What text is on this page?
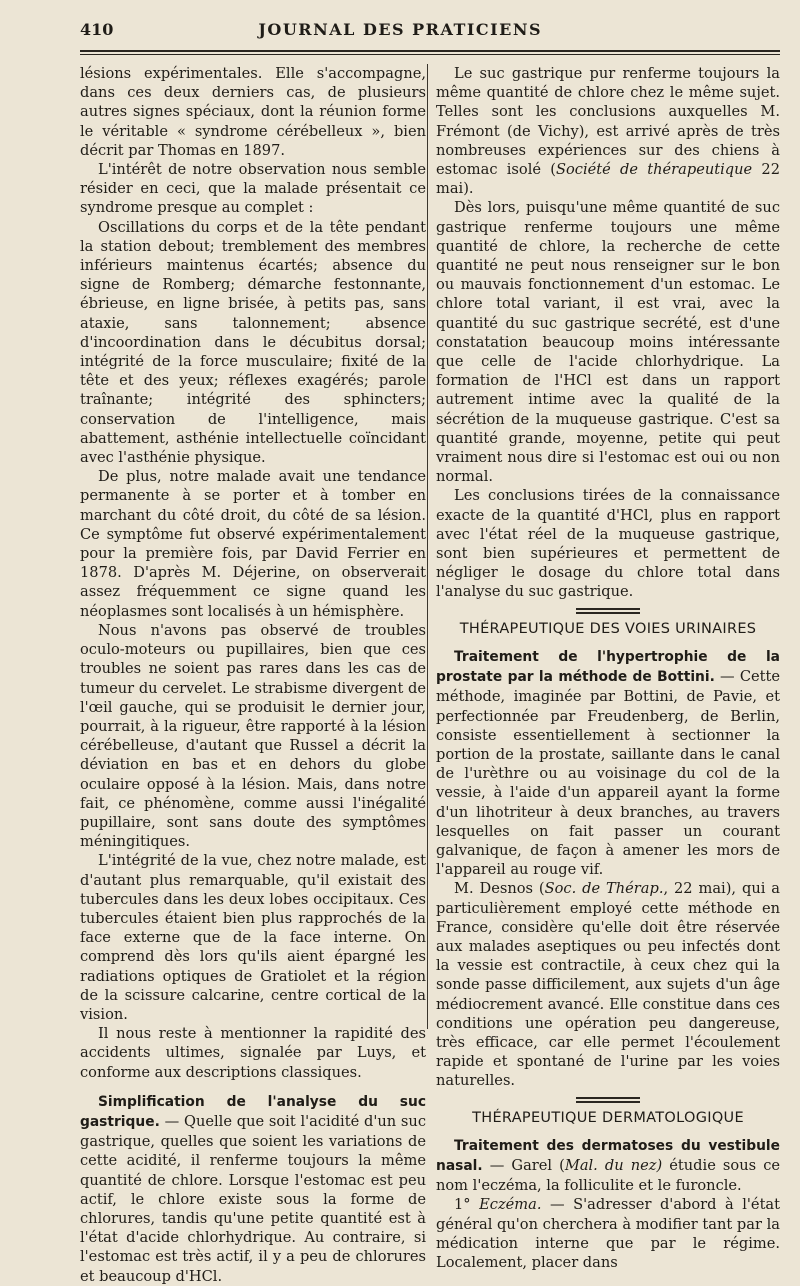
410	JOURNAL DES PRATICIENS

lésions expérimentales. Elle s'accompagne, dans ces deux derniers cas, de plusieurs autres signes spéciaux, dont la réunion forme le véritable « syndrome cérébelleux », bien décrit par Thomas en 1897.

L'intérêt de notre observation nous semble résider en ceci, que la malade présentait ce syndrome presque au complet :

Oscillations du corps et de la tête pendant la station debout; tremblement des membres inférieurs maintenus écartés; absence du signe de Romberg; démarche festonnante, ébrieuse, en ligne brisée, à petits pas, sans ataxie, sans talonnement; absence d'incoordination dans le décubitus dorsal; intégrité de la force musculaire; fixité de la tête et des yeux; réflexes exagérés; parole traînante; intégrité des sphincters; conservation de l'intelligence, mais abattement, asthénie intellectuelle coïncidant avec l'asthénie physique.

De plus, notre malade avait une tendance permanente à se porter et à tomber en marchant du côté droit, du côté de sa lésion. Ce symptôme fut observé expérimentalement pour la première fois, par David Ferrier en 1878. D'après M. Déjerine, on observerait assez fréquemment ce signe quand les néoplasmes sont localisés à un hémisphère.

Nous n'avons pas observé de troubles oculo-moteurs ou pupillaires, bien que ces troubles ne soient pas rares dans les cas de tumeur du cervelet. Le strabisme divergent de l'œil gauche, qui se produisit le dernier jour, pourrait, à la rigueur, être rapporté à la lésion cérébelleuse, d'autant que Russel a décrit la déviation en bas et en dehors du globe oculaire opposé à la lésion. Mais, dans notre fait, ce phénomène, comme aussi l'inégalité pupillaire, sont sans doute des symptômes méningitiques.

L'intégrité de la vue, chez notre malade, est d'autant plus remarquable, qu'il existait des tubercules dans les deux lobes occipitaux. Ces tubercules étaient bien plus rapprochés de la face externe que de la face interne. On comprend dès lors qu'ils aient épargné les radiations optiques de Gratiolet et la région de la scissure calcarine, centre cortical de la vision.

Il nous reste à mentionner la rapidité des accidents ultimes, signalée par Luys, et conforme aux descriptions classiques.

Simplification de l'analyse du suc gastrique. — Quelle que soit l'acidité d'un suc gastrique, quelles que soient les variations de cette acidité, il renferme toujours la même quantité de chlore. Lorsque l'estomac est peu actif, le chlore existe sous la forme de chlorures, tandis qu'une petite quantité est à l'état d'acide chlorhydrique. Au contraire, si l'estomac est très actif, il y a peu de chlorures et beaucoup d'HCl.

Le suc gastrique pur renferme toujours la même quantité de chlore chez le même sujet. Telles sont les conclusions auxquelles M. Frémont (de Vichy), est arrivé après de très nombreuses expériences sur des chiens à estomac isolé (Société de thérapeutique 22 mai).

Dès lors, puisqu'une même quantité de suc gastrique renferme toujours une même quantité de chlore, la recherche de cette quantité ne peut nous renseigner sur le bon ou mauvais fonctionnement d'un estomac. Le chlore total variant, il est vrai, avec la quantité du suc gastrique secrété, est d'une constatation beaucoup moins intéressante que celle de l'acide chlorhydrique. La formation de l'HCl est dans un rapport autrement intime avec la qualité de la sécrétion de la muqueuse gastrique. C'est sa quantité grande, moyenne, petite qui peut vraiment nous dire si l'estomac est oui ou non normal.

Les conclusions tirées de la connaissance exacte de la quantité d'HCl, plus en rapport avec l'état réel de la muqueuse gastrique, sont bien supérieures et permettent de négliger le dosage du chlore total dans l'analyse du suc gastrique.

THÉRAPEUTIQUE DES VOIES URINAIRES

Traitement de l'hypertrophie de la prostate par la méthode de Bottini. — Cette méthode, imaginée par Bottini, de Pavie, et perfectionnée par Freudenberg, de Berlin, consiste essentiellement à sectionner la portion de la prostate, saillante dans le canal de l'urèthre ou au voisinage du col de la vessie, à l'aide d'un appareil ayant la forme d'un lihotriteur à deux branches, au travers lesquelles on fait passer un courant galvanique, de façon à amener les mors de l'appareil au rouge vif.

M. Desnos (Soc. de Thérap., 22 mai), qui a particulièrement employé cette méthode en France, considère qu'elle doit être réservée aux malades aseptiques ou peu infectés dont la vessie est contractile, à ceux chez qui la sonde passe difficilement, aux sujets d'un âge médiocrement avancé. Elle constitue dans ces conditions une opération peu dangereuse, très efficace, car elle permet l'écoulement rapide et spontané de l'urine par les voies naturelles.

THÉRAPEUTIQUE DERMATOLOGIQUE

Traitement des dermatoses du vestibule nasal. — Garel (Mal. du nez) étudie sous ce nom l'eczéma, la folliculite et le furoncle.

1° Eczéma. — S'adresser d'abord à l'état général qu'on cherchera à modifier tant par la médication interne que par le régime. Localement, placer dans
